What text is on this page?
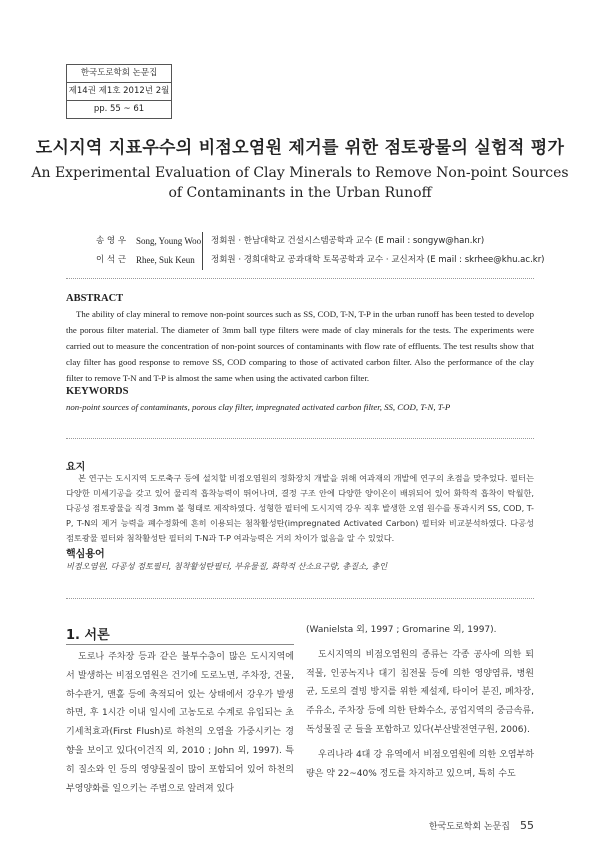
한국도로학회 논문집
제14권 제1호 2012년 2월
pp. 55 ~ 61
도시지역 지표우수의 비점오염원 제거를 위한 점토광물의 실험적 평가
An Experimental Evaluation of Clay Minerals to Remove Non-point Sources
of Contaminants in the Urban Runoff
송 영 우	Song, Young Woo 정회원 · 한남대학교 건설시스템공학과 교수 (E mail : songyw@han.kr)
이 석 근	Rhee, Suk Keun	정회원 · 경희대학교 공과대학 토목공학과 교수 · 교신저자 (E mail : skrhee@khu.ac.kr)
ABSTRACT
The ability of clay mineral to remove non-point sources such as SS, COD, T-N, T-P in the urban runoff has been tested to develop the porous filter material. The diameter of 3mm ball type filters were made of clay minerals for the tests. The experiments were carried out to measure the concentration of non-point sources of contaminants with flow rate of effluents. The test results show that clay filter has good response to remove SS, COD comparing to those of activated carbon filter. Also the performance of the clay filter to remove T-N and T-P is almost the same when using the activated carbon filter.
KEYWORDS
non-point sources of contaminants, porous clay filter, impregnated activated carbon filter, SS, COD, T-N, T-P
요지
본 연구는 도시지역 도로축구 등에 설치할 비점오염원의 정화장치 개발을 위해 여과재의 개발에 연구의 초점을 맞추었다. 필터는 다양한 미세기공을 갖고 있어 물리적 흡착능력이 뛰어나며, 결정 구조 안에 다양한 양이온이 배위되어 있어 화학적 흡착이 탁월한, 다공성 점토광물을 직경 3mm 볼 형태로 제작하였다. 성형한 필터에 도시지역 강우 직후 발생한 오염 원수를 통과시켜 SS, COD, T-P, T-N의 제거 능력을 폐수정화에 흔히 이용되는 첨착활성탄(impregnated Activated Carbon) 필터와 비교분석하였다. 다공성 점토광물 필터와 첨착활성탄 필터의 T-N과 T-P 여과능력은 거의 차이가 없음을 알 수 있었다.
핵심용어
비점오염원, 다공성 점토필터, 첨착활성탄필터, 부유물질, 화학적 산소요구량, 총질소, 총인
1. 서론
도로나 주차장 등과 같은 불투수층이 많은 도시지역에서 발생하는 비점오염원은 건기에 도로노면, 주차장, 건물, 하수관거, 맨홀 등에 축적되어 있는 상태에서 강우가 발생하면, 후 1시간 이내 일시에 고농도로 수계로 유입되는 초기세척효과(First Flush)로 하천의 오염을 가중시키는 경향을 보이고 있다(이건직 외, 2010 ; John 외, 1997). 특히 질소와 인 등의 영양물질이 많이 포함되어 있어 하천의 부영양화를 일으키는 주범으로 알려져 있다

(Wanielsta 외, 1997 ; Gromarine 외, 1997).

도시지역의 비점오염원의 종류는 각종 공사에 의한 퇴적물, 인공녹지나 대기 침전물 등에 의한 영양염류, 병원균, 도로의 결빙 방지를 위한 제설제, 타이어 분진, 폐차장, 주유소, 주차장 등에 의한 탄화수소, 공업지역의 중금속류, 독성물질 군 들을 포함하고 있다(부산발전연구원, 2006).

우리나라 4대 강 유역에서 비점오염원에 의한 오염부하량은 약 22~40% 정도를 차지하고 있으며, 특히 수도

한국도로학회 논문집 55
